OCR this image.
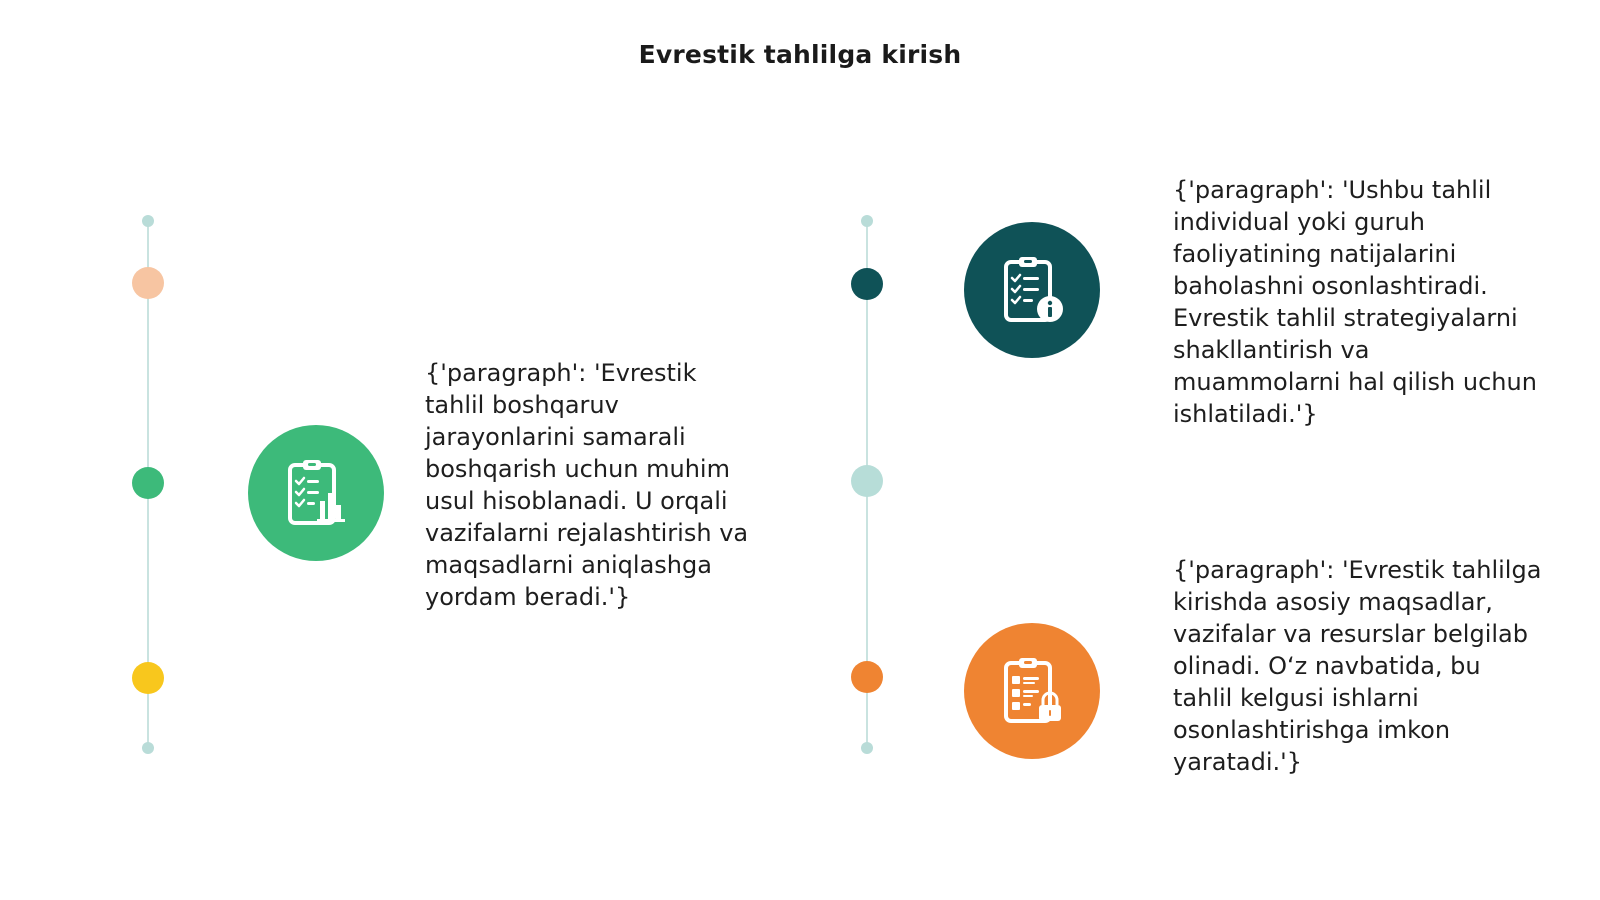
Evrestik tahlilga kirish
{'paragraph': 'Evrestik tahlil boshqaruv jarayonlarini samarali boshqarish uchun muhim usul hisoblanadi. U orqali vazifalarni rejalashtirish va maqsadlarni aniqlashga yordam beradi.'}
{'paragraph': 'Ushbu tahlil individual yoki guruh faoliyatining natijalarini baholashni osonlashtiradi. Evrestik tahlil strategiyalarni shakllantirish va muammolarni hal qilish uchun ishlatiladi.'}
{'paragraph': 'Evrestik tahlilga kirishda asosiy maqsadlar, vazifalar va resurslar belgilab olinadi. O‘z navbatida, bu tahlil kelgusi ishlarni osonlashtirishga imkon yaratadi.'}
